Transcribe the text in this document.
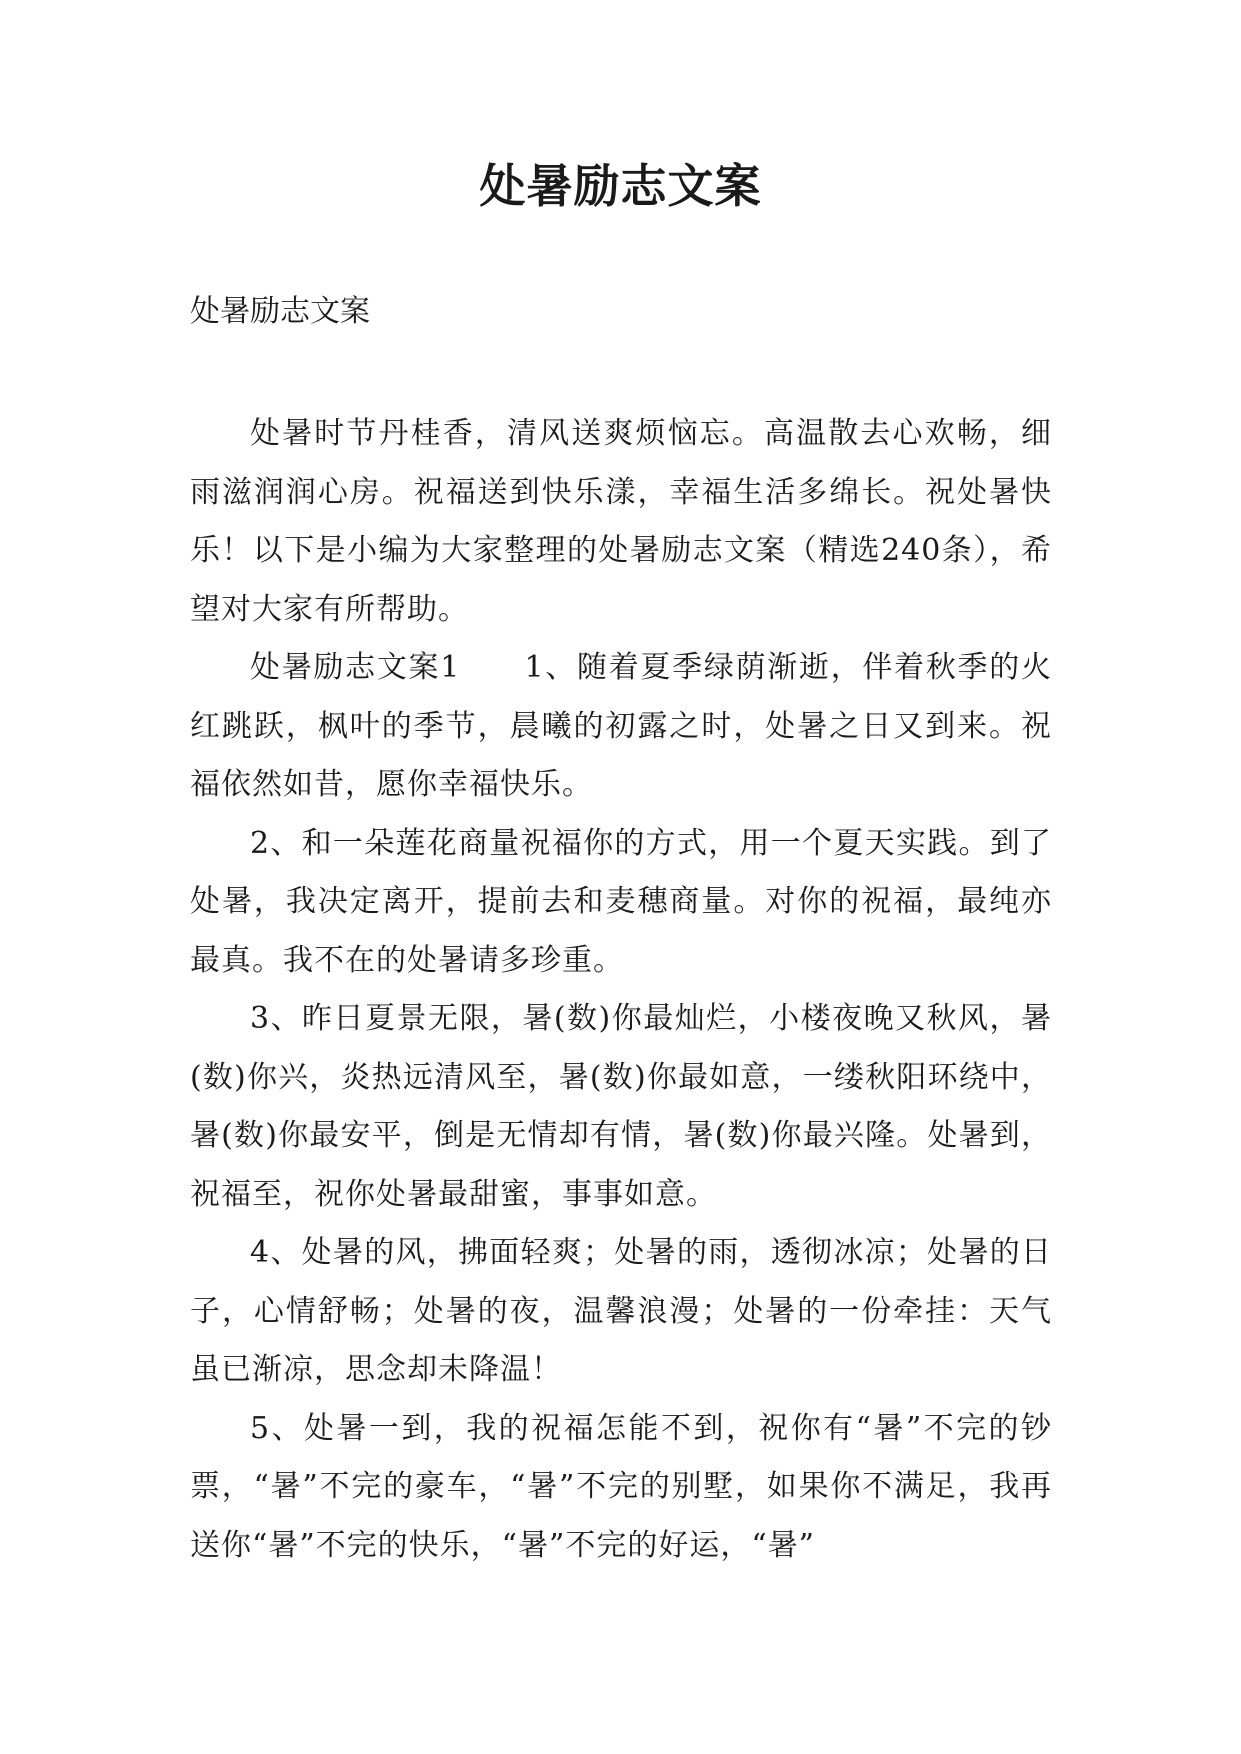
处暑励志文案

处暑励志文案

处暑时节丹桂香，清风送爽烦恼忘。高温散去心欢畅，细雨滋润润心房。祝福送到快乐漾，幸福生活多绵长。祝处暑快乐！以下是小编为大家整理的处暑励志文案（精选240条），希望对大家有所帮助。

处暑励志文案1　　1、随着夏季绿荫渐逝，伴着秋季的火红跳跃，枫叶的季节，晨曦的初露之时，处暑之日又到来。祝福依然如昔，愿你幸福快乐。

2、和一朵莲花商量祝福你的方式，用一个夏天实践。到了处暑，我决定离开，提前去和麦穗商量。对你的祝福，最纯亦最真。我不在的处暑请多珍重。

3、昨日夏景无限，暑(数)你最灿烂，小楼夜晚又秋风，暑(数)你兴，炎热远清风至，暑(数)你最如意，一缕秋阳环绕中，暑(数)你最安平，倒是无情却有情，暑(数)你最兴隆。处暑到，祝福至，祝你处暑最甜蜜，事事如意。

4、处暑的风，拂面轻爽；处暑的雨，透彻冰凉；处暑的日子，心情舒畅；处暑的夜，温馨浪漫；处暑的一份牵挂：天气虽已渐凉，思念却未降温！

5、处暑一到，我的祝福怎能不到，祝你有“暑”不完的钞票，“暑”不完的豪车，“暑”不完的别墅，如果你不满足，我再送你“暑”不完的快乐，“暑”不完的好运，“暑”
